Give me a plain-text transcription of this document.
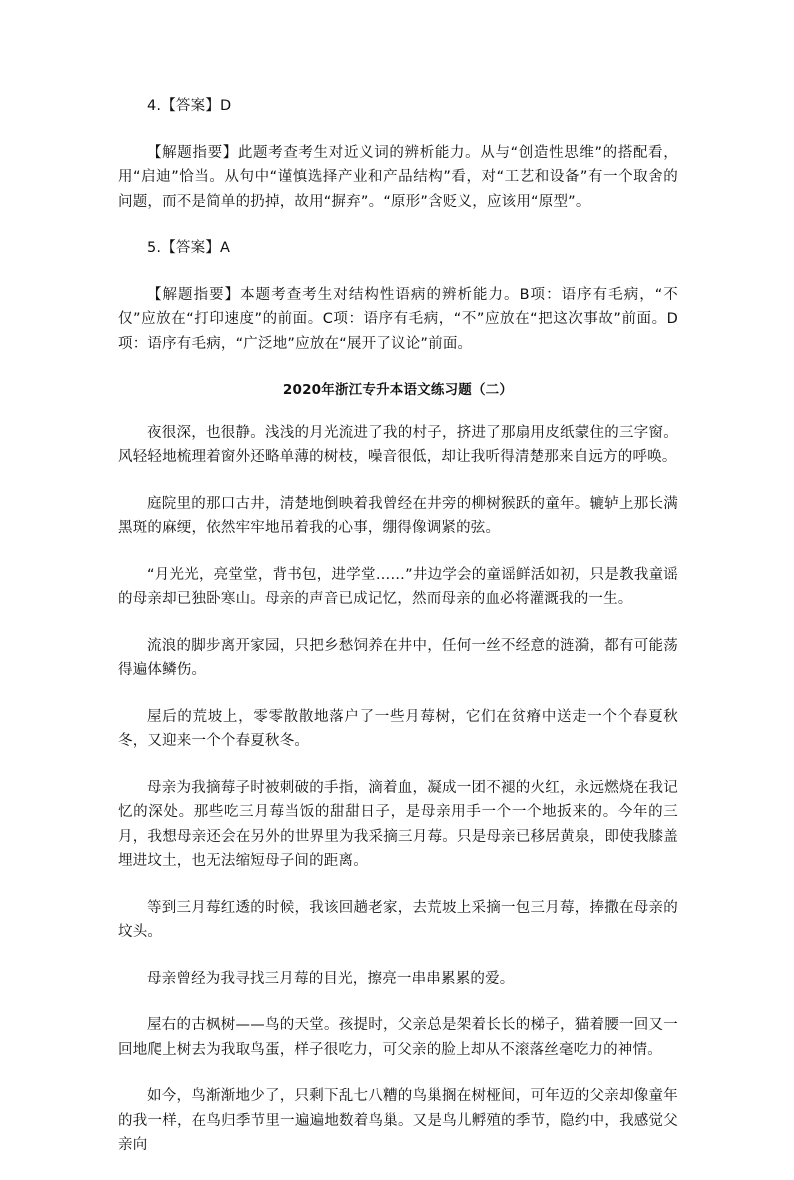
4.【答案】D

【解题指要】此题考查考生对近义词的辨析能力。从与“创造性思维”的搭配看，用“启迪”恰当。从句中“谨慎选择产业和产品结构”看，对“工艺和设备”有一个取舍的问题，而不是简单的扔掉，故用“摒弃”。“原形”含贬义，应该用“原型”。

5.【答案】A

【解题指要】本题考查考生对结构性语病的辨析能力。B项：语序有毛病，“不仅”应放在“打印速度”的前面。C项：语序有毛病，“不”应放在“把这次事故”前面。D项：语序有毛病，“广泛地”应放在“展开了议论”前面。

2020年浙江专升本语文练习题（二）

夜很深，也很静。浅浅的月光流进了我的村子，挤进了那扇用皮纸蒙住的三字窗。风轻轻地梳理着窗外还略单薄的树枝，噪音很低，却让我听得清楚那来自远方的呼唤。

庭院里的那口古井，清楚地倒映着我曾经在井旁的柳树猴跃的童年。辘轳上那长满黑斑的麻绠，依然牢牢地吊着我的心事，绷得像调紧的弦。

“月光光，亮堂堂，背书包，进学堂……”井边学会的童谣鲜活如初，只是教我童谣的母亲却已独卧寒山。母亲的声音已成记忆，然而母亲的血必将灌溉我的一生。

流浪的脚步离开家园，只把乡愁饲养在井中，任何一丝不经意的涟漪，都有可能荡得遍体鳞伤。

屋后的荒坡上，零零散散地落户了一些月莓树，它们在贫瘠中送走一个个春夏秋冬，又迎来一个个春夏秋冬。

母亲为我摘莓子时被刺破的手指，滴着血，凝成一团不褪的火红，永远燃烧在我记忆的深处。那些吃三月莓当饭的甜甜日子，是母亲用手一个一个地扳来的。今年的三月，我想母亲还会在另外的世界里为我采摘三月莓。只是母亲已移居黄泉，即使我膝盖埋进坟土，也无法缩短母子间的距离。

等到三月莓红透的时候，我该回趟老家，去荒坡上采摘一包三月莓，捧撒在母亲的坟头。

母亲曾经为我寻找三月莓的目光，擦亮一串串累累的爱。

屋右的古枫树——鸟的天堂。孩提时，父亲总是架着长长的梯子，猫着腰一回又一回地爬上树去为我取鸟蛋，样子很吃力，可父亲的脸上却从不滚落丝毫吃力的神情。

如今，鸟渐渐地少了，只剩下乱七八糟的鸟巢搁在树桠间，可年迈的父亲却像童年的我一样，在鸟归季节里一遍遍地数着鸟巢。又是鸟儿孵殖的季节，隐约中，我感觉父亲向
